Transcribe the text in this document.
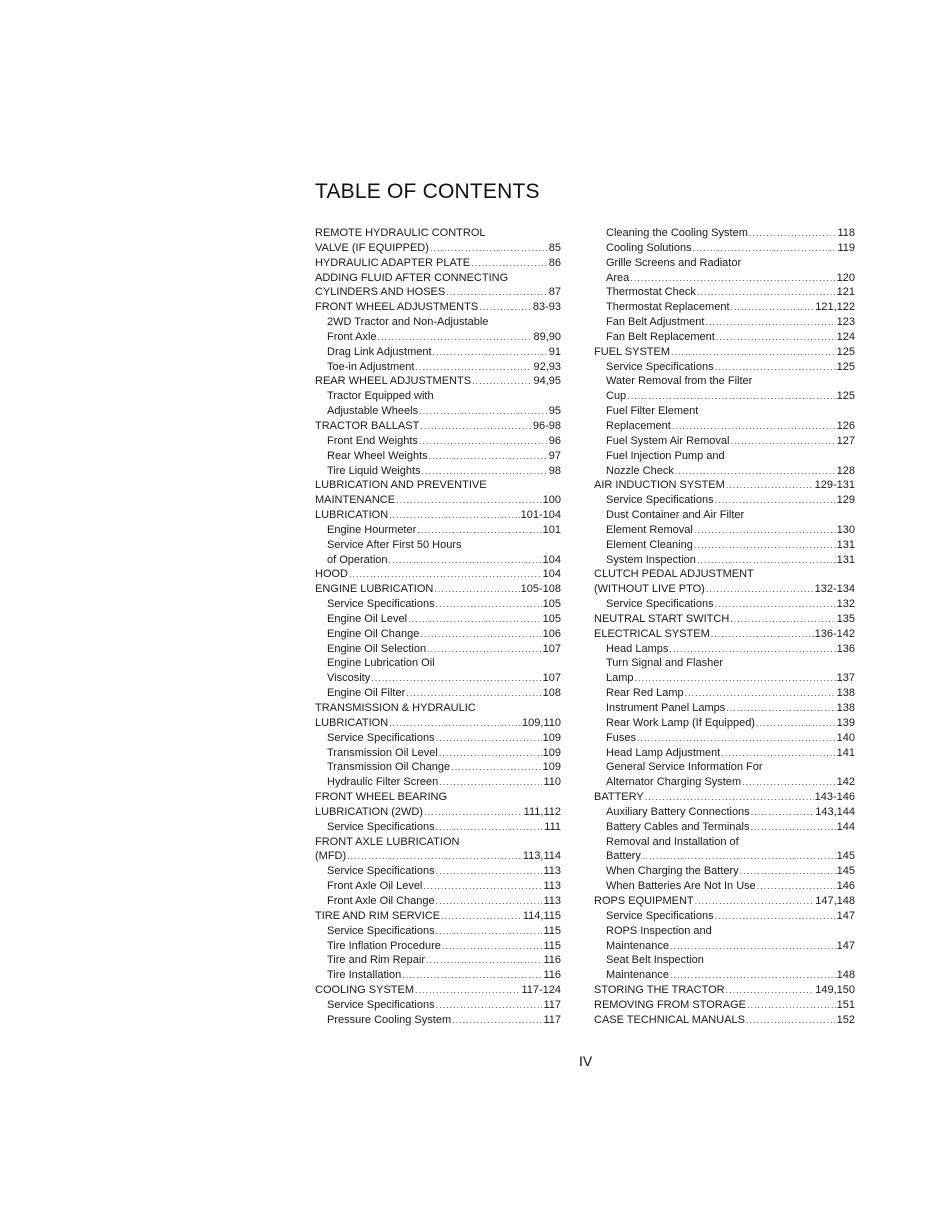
TABLE OF CONTENTS
REMOTE HYDRAULIC CONTROL
VALVE (IF EQUIPPED) .....	85
HYDRAULIC ADAPTER PLATE .....	86
ADDING FLUID AFTER CONNECTING
CYLINDERS AND HOSES .....	87
FRONT WHEEL ADJUSTMENTS .....	83-93
2WD Tractor and Non-Adjustable
Front Axle .....	89,90
Drag Link Adjustment .....	91
Toe-in Adjustment .....	92,93
REAR WHEEL ADJUSTMENTS .....	94,95
Tractor Equipped with
Adjustable Wheels .....	95
TRACTOR BALLAST .....	96-98
Front End Weights .....	96
Rear Wheel Weights .....	97
Tire Liquid Weights .....	98
LUBRICATION AND PREVENTIVE
MAINTENANCE .....	100
LUBRICATION .....	101-104
Engine Hourmeter .....	101
Service After First 50 Hours
of Operation .....	104
HOOD .....	104
ENGINE LUBRICATION .....	105-108
Service Specifications .....	105
Engine Oil Level .....	105
Engine Oil Change .....	106
Engine Oil Selection .....	107
Engine Lubrication Oil
Viscosity .....	107
Engine Oil Filter .....	108
TRANSMISSION & HYDRAULIC
LUBRICATION .....	109,110
Service Specifications .....	109
Transmission Oil Level .....	109
Transmission Oil Change .....	109
Hydraulic Filter Screen .....	110
FRONT WHEEL BEARING
LUBRICATION (2WD) .....	111,112
Service Specifications .....	111
FRONT AXLE LUBRICATION
(MFD) .....	113,114
Service Specifications .....	113
Front Axle Oil Level .....	113
Front Axle Oil Change .....	113
TIRE AND RIM SERVICE .....	114,115
Service Specifications .....	115
Tire Inflation Procedure .....	115
Tire and Rim Repair .....	116
Tire Installation .....	116
COOLING SYSTEM .....	117-124
Service Specifications .....	117
Pressure Cooling System .....	117
Cleaning the Cooling System .....	118
Cooling Solutions .....	119
Grille Screens and Radiator
Area .....	120
Thermostat Check .....	121
Thermostat Replacement .....	121,122
Fan Belt Adjustment .....	123
Fan Belt Replacement .....	124
FUEL SYSTEM .....	125
Service Specifications .....	125
Water Removal from the Filter
Cup .....	125
Fuel Filter Element
Replacement .....	126
Fuel System Air Removal .....	127
Fuel Injection Pump and
Nozzle Check .....	128
AIR INDUCTION SYSTEM .....	129-131
Service Specifications .....	129
Dust Container and Air Filter
Element Removal .....	130
Element Cleaning .....	131
System Inspection .....	131
CLUTCH PEDAL ADJUSTMENT
(WITHOUT LIVE PTO) .....	132-134
Service Specifications .....	132
NEUTRAL START SWITCH .....	135
ELECTRICAL SYSTEM .....	136-142
Head Lamps .....	136
Turn Signal and Flasher
Lamp .....	137
Rear Red Lamp .....	138
Instrument Panel Lamps .....	138
Rear Work Lamp (If Equipped) .....	139
Fuses .....	140
Head Lamp Adjustment .....	141
General Service Information For
Alternator Charging System .....	142
BATTERY .....	143-146
Auxiliary Battery Connections .....	143,144
Battery Cables and Terminals .....	144
Removal and Installation of
Battery .....	145
When Charging the Battery .....	145
When Batteries Are Not In Use .....	146
ROPS EQUIPMENT .....	147,148
Service Specifications .....	147
ROPS Inspection and
Maintenance .....	147
Seat Belt Inspection
Maintenance .....	148
STORING THE TRACTOR .....	149,150
REMOVING FROM STORAGE .....	151
CASE TECHNICAL MANUALS .....	152
IV
